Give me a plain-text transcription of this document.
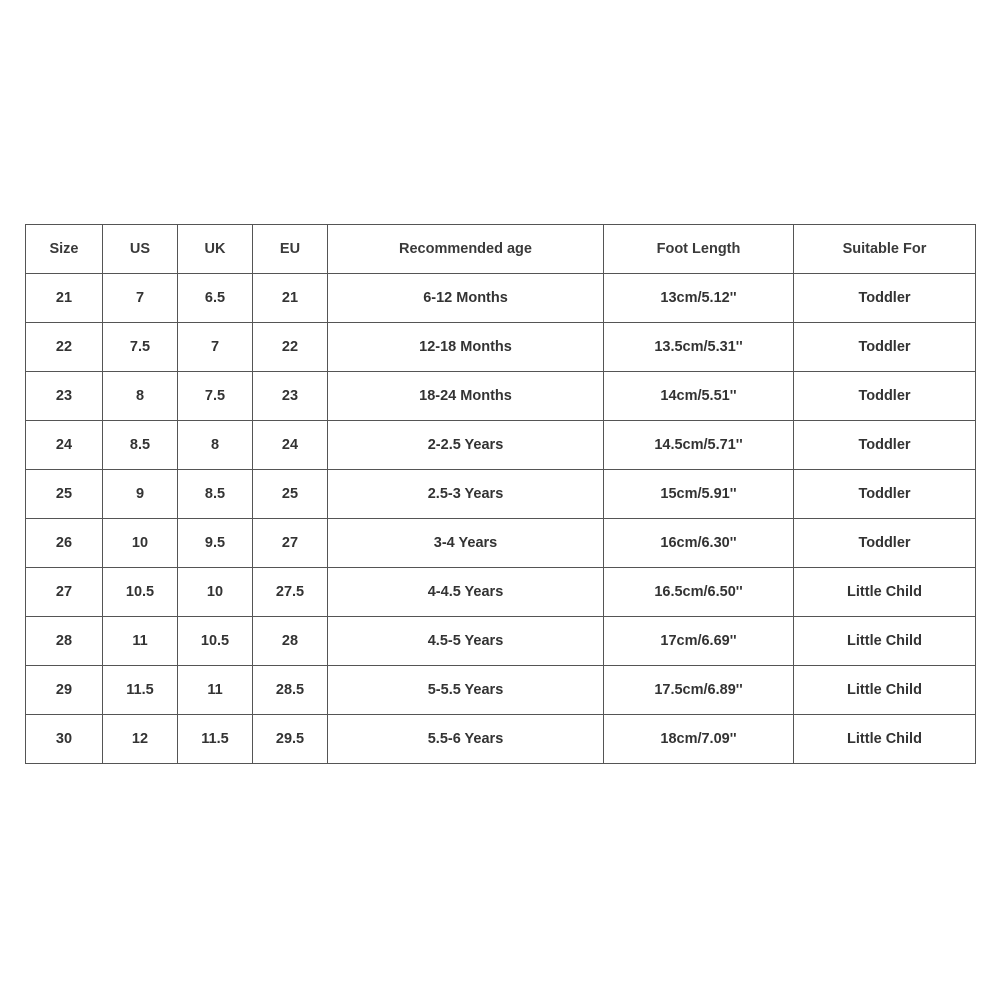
Size	US	UK	EU	Recommended age	Foot Length	Suitable For
21	7	6.5	21	6-12 Months	13cm/5.12''	Toddler
22	7.5	7	22	12-18 Months	13.5cm/5.31''	Toddler
23	8	7.5	23	18-24 Months	14cm/5.51''	Toddler
24	8.5	8	24	2-2.5 Years	14.5cm/5.71''	Toddler
25	9	8.5	25	2.5-3 Years	15cm/5.91''	Toddler
26	10	9.5	27	3-4 Years	16cm/6.30''	Toddler
27	10.5	10	27.5	4-4.5 Years	16.5cm/6.50''	Little Child
28	11	10.5	28	4.5-5 Years	17cm/6.69''	Little Child
29	11.5	11	28.5	5-5.5 Years	17.5cm/6.89''	Little Child
30	12	11.5	29.5	5.5-6 Years	18cm/7.09''	Little Child
